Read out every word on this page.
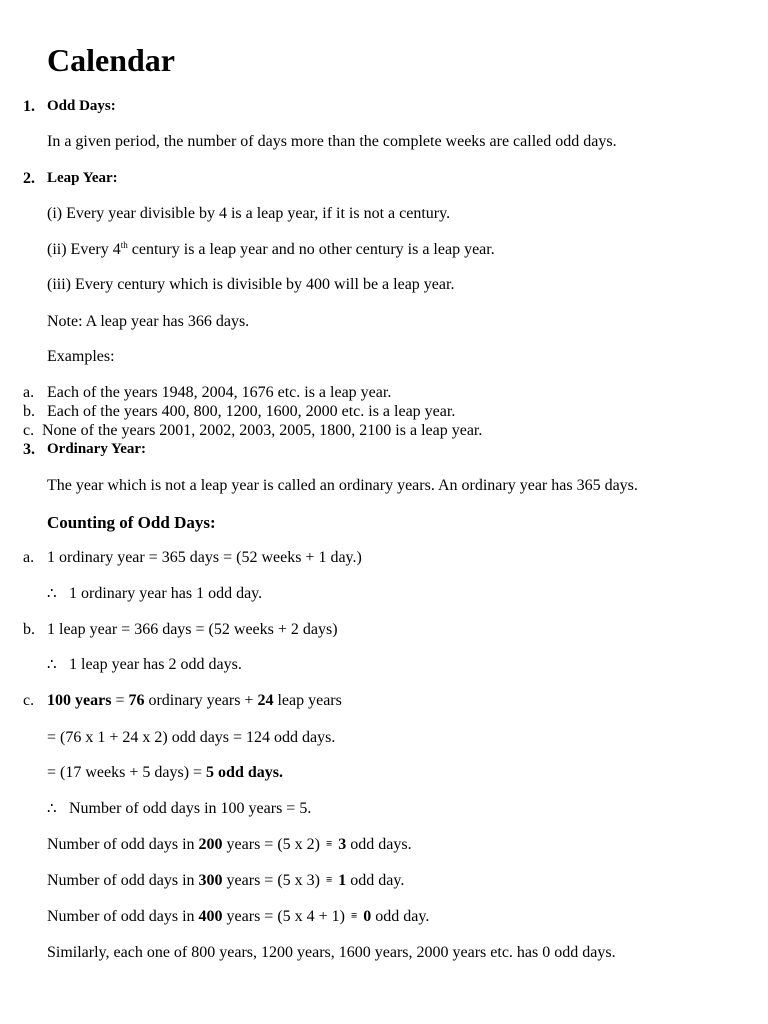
Calendar
1. Odd Days:
In a given period, the number of days more than the complete weeks are called odd days.
2. Leap Year:
(i) Every year divisible by 4 is a leap year, if it is not a century.
(ii) Every 4th century is a leap year and no other century is a leap year.
(iii) Every century which is divisible by 400 will be a leap year.
Note: A leap year has 366 days.
Examples:
a. Each of the years 1948, 2004, 1676 etc. is a leap year.
b. Each of the years 400, 800, 1200, 1600, 2000 etc. is a leap year.
c. None of the years 2001, 2002, 2003, 2005, 1800, 2100 is a leap year.
3. Ordinary Year:
The year which is not a leap year is called an ordinary years. An ordinary year has 365 days.
Counting of Odd Days:
a. 1 ordinary year = 365 days = (52 weeks + 1 day.)
∴ 1 ordinary year has 1 odd day.
b. 1 leap year = 366 days = (52 weeks + 2 days)
∴ 1 leap year has 2 odd days.
c. 100 years = 76 ordinary years + 24 leap years
= (76 x 1 + 24 x 2) odd days = 124 odd days.
= (17 weeks + 5 days) = 5 odd days.
∴ Number of odd days in 100 years = 5.
Number of odd days in 200 years = (5 x 2) ≡ 3 odd days.
Number of odd days in 300 years = (5 x 3) ≡ 1 odd day.
Number of odd days in 400 years = (5 x 4 + 1) ≡ 0 odd day.
Similarly, each one of 800 years, 1200 years, 1600 years, 2000 years etc. has 0 odd days.
